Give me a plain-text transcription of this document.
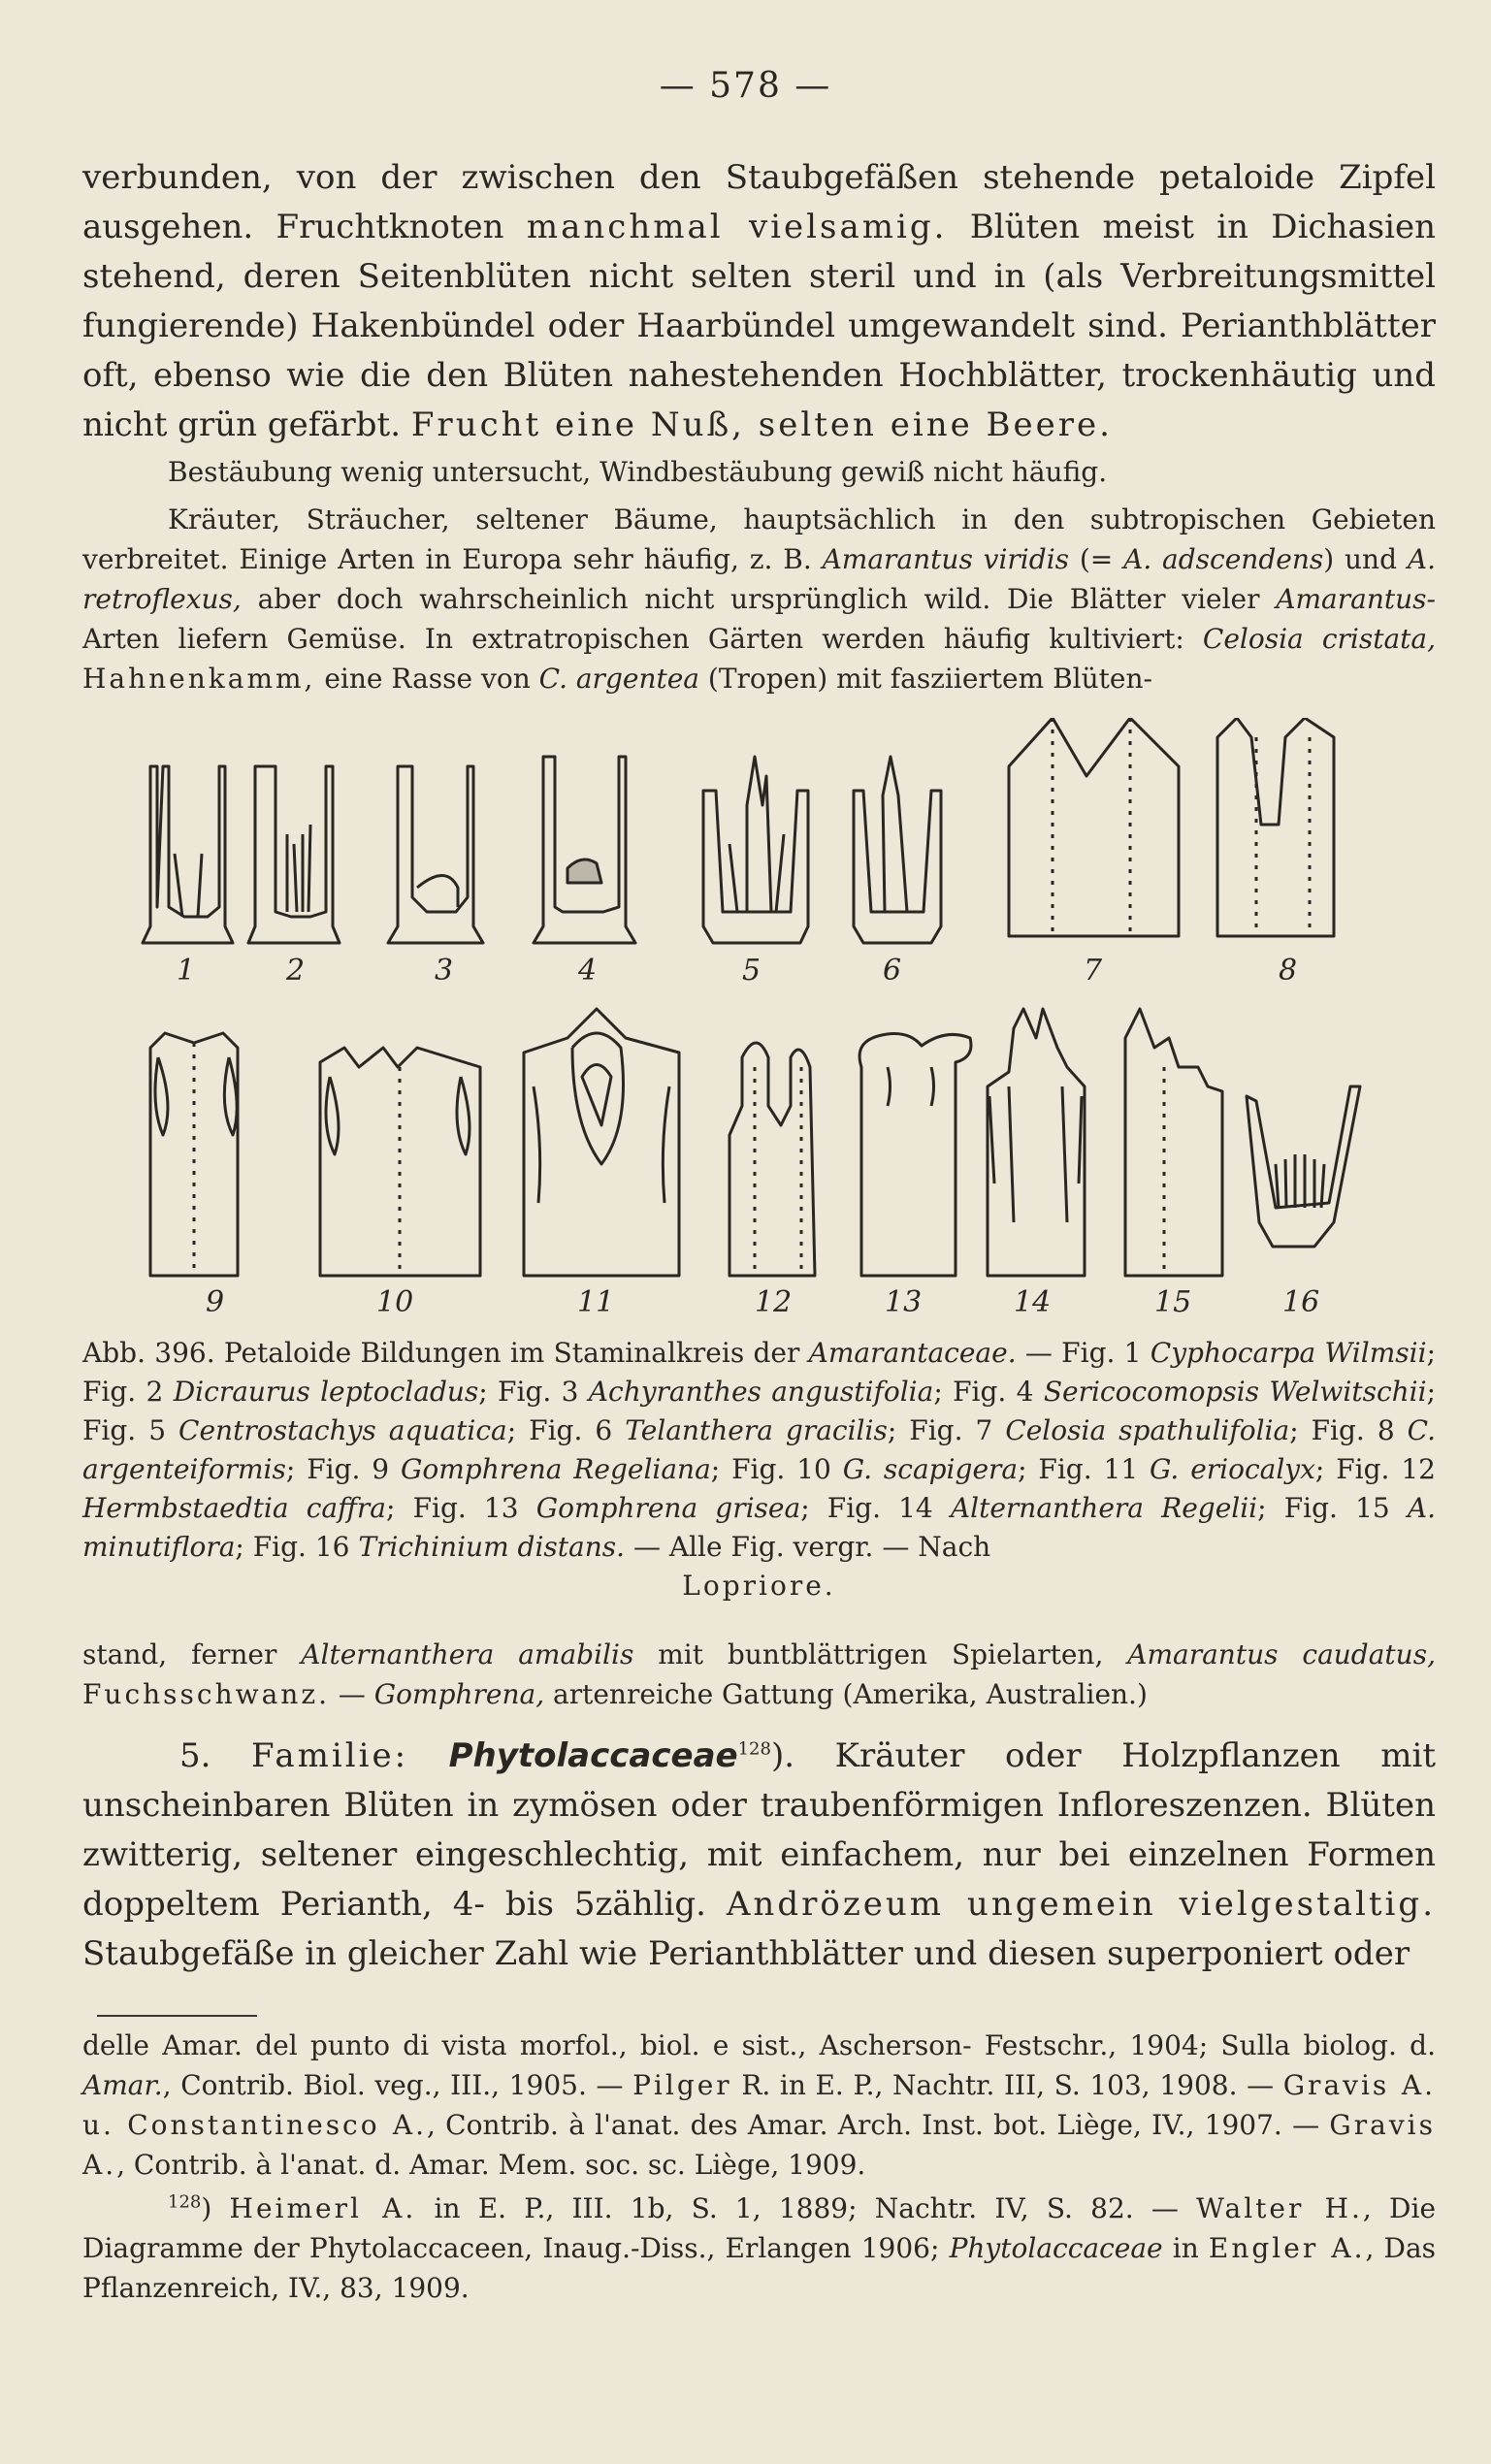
— 578 —
verbunden, von der zwischen den Staubgefäßen stehende petaloide Zipfel ausgehen. Fruchtknoten manchmal vielsamig. Blüten meist in Dichasien stehend, deren Seitenblüten nicht selten steril und in (als Verbreitungsmittel fungierende) Hakenbündel oder Haarbündel umgewandelt sind. Perianthblätter oft, ebenso wie die den Blüten nahestehenden Hochblätter, trockenhäutig und nicht grün gefärbt. Frucht eine Nuß, selten eine Beere.
Bestäubung wenig untersucht, Windbestäubung gewiß nicht häufig.
Kräuter, Sträucher, seltener Bäume, hauptsächlich in den subtropischen Gebieten verbreitet. Einige Arten in Europa sehr häufig, z. B. Amarantus viridis (= A. adscendens) und A. retroflexus, aber doch wahrscheinlich nicht ursprünglich wild. Die Blätter vieler Amarantus-Arten liefern Gemüse. In extratropischen Gärten werden häufig kultiviert: Celosia cristata, Hahnenkamm, eine Rasse von C. argentea (Tropen) mit fasziiertem Blüten-
1	2	3	4	5	6	7	8
9	10	11	12	13	14	15	16
Abb. 396. Petaloide Bildungen im Staminalkreis der Amarantaceae. — Fig. 1 Cyphocarpa Wilmsii; Fig. 2 Dicraurus leptocladus; Fig. 3 Achyranthes angustifolia; Fig. 4 Sericocomopsis Welwitschii; Fig. 5 Centrostachys aquatica; Fig. 6 Telanthera gracilis; Fig. 7 Celosia spathulifolia; Fig. 8 C. argenteiformis; Fig. 9 Gomphrena Regeliana; Fig. 10 G. scapigera; Fig. 11 G. eriocalyx; Fig. 12 Hermbstaedtia caffra; Fig. 13 Gomphrena grisea; Fig. 14 Alternanthera Regelii; Fig. 15 A. minutiflora; Fig. 16 Trichinium distans. — Alle Fig. vergr. — Nach
Lopriore.
stand, ferner Alternanthera amabilis mit buntblättrigen Spielarten, Amarantus caudatus, Fuchsschwanz. — Gomphrena, artenreiche Gattung (Amerika, Australien.)
5. Familie: Phytolaccaceae$^{128}$). Kräuter oder Holzpflanzen mit unscheinbaren Blüten in zymösen oder traubenförmigen Infloreszenzen. Blüten zwitterig, seltener eingeschlechtig, mit einfachem, nur bei einzelnen Formen doppeltem Perianth, 4- bis 5zählig. Andrözeum ungemein vielgestaltig. Staubgefäße in gleicher Zahl wie Perianthblätter und diesen superponiert oder
delle Amar. del punto di vista morfol., biol. e sist., Ascherson- Festschr., 1904; Sulla biolog. d. Amar., Contrib. Biol. veg., III., 1905. — Pilger R. in E. P., Nachtr. III, S. 103, 1908. — Gravis A. u. Constantinesco A., Contrib. à l'anat. des Amar. Arch. Inst. bot. Liège, IV., 1907. — Gravis A., Contrib. à l'anat. d. Amar. Mem. soc. sc. Liège, 1909.
$^{128}$) Heimerl A. in E. P., III. 1b, S. 1, 1889; Nachtr. IV, S. 82. — Walter H., Die Diagramme der Phytolaccaceen, Inaug.-Diss., Erlangen 1906; Phytolaccaceae in Engler A., Das Pflanzenreich, IV., 83, 1909.
